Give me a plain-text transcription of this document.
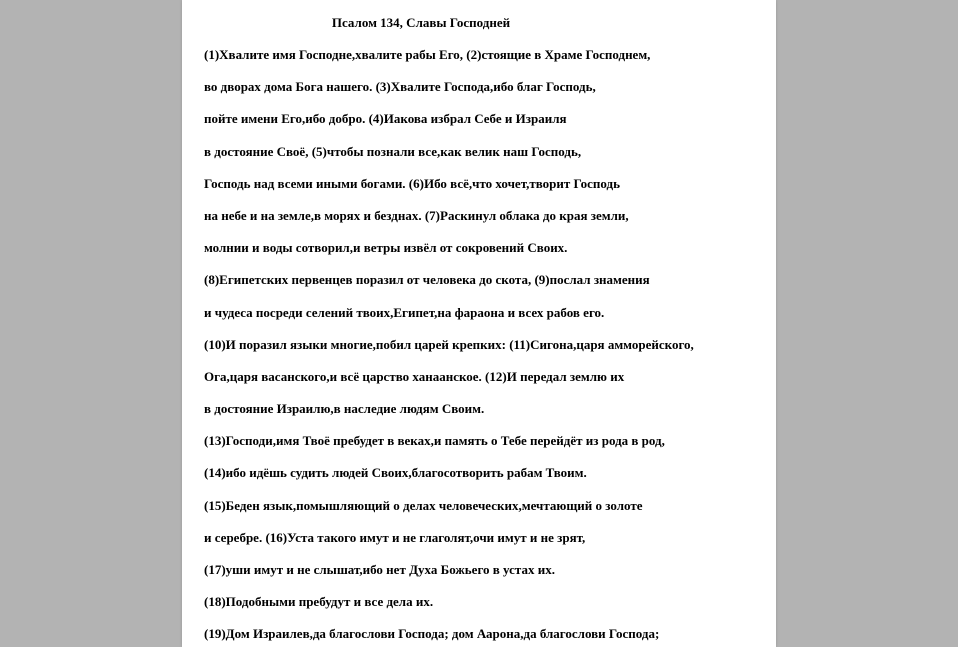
Псалом 134, Славы Господней
(1)Хвалите имя Господне,хвалите рабы Его, (2)стоящие в Храме Господнем,
во дворах дома Бога нашего. (3)Хвалите Господа,ибо благ Господь,
пойте имени Его,ибо добро. (4)Иакова избрал Себе и Израиля
в достояние Своё, (5)чтобы познали все,как велик наш Господь,
Господь над всеми иными богами. (6)Ибо всё,что хочет,творит Господь
на небе и на земле,в морях и безднах. (7)Раскинул облака до края земли,
молнии и воды сотворил,и ветры извёл от сокровений Своих.
(8)Египетских первенцев поразил от человека до скота, (9)послал знамения
и чудеса посреди селений твоих,Египет,на фараона и всех рабов его.
(10)И поразил языки многие,побил царей крепких: (11)Сигона,царя амморейского,
Ога,царя васанского,и всё царство ханаанское. (12)И передал землю их
в достояние Израилю,в наследие людям Своим.
(13)Господи,имя Твоё пребудет в веках,и память о Тебе перейдёт из рода в род,
(14)ибо идёшь судить людей Своих,благосотворить рабам Твоим.
(15)Беден язык,помышляющий о делах человеческих,мечтающий о золоте
и серебре. (16)Уста такого имут и не глаголят,очи имут и не зрят,
(17)уши имут и не слышат,ибо нет Духа Божьего в устах их.
(18)Подобными пребудут и все дела их.
(19)Дом Израилев,да благослови Господа; дом Аарона,да благослови Господа;
